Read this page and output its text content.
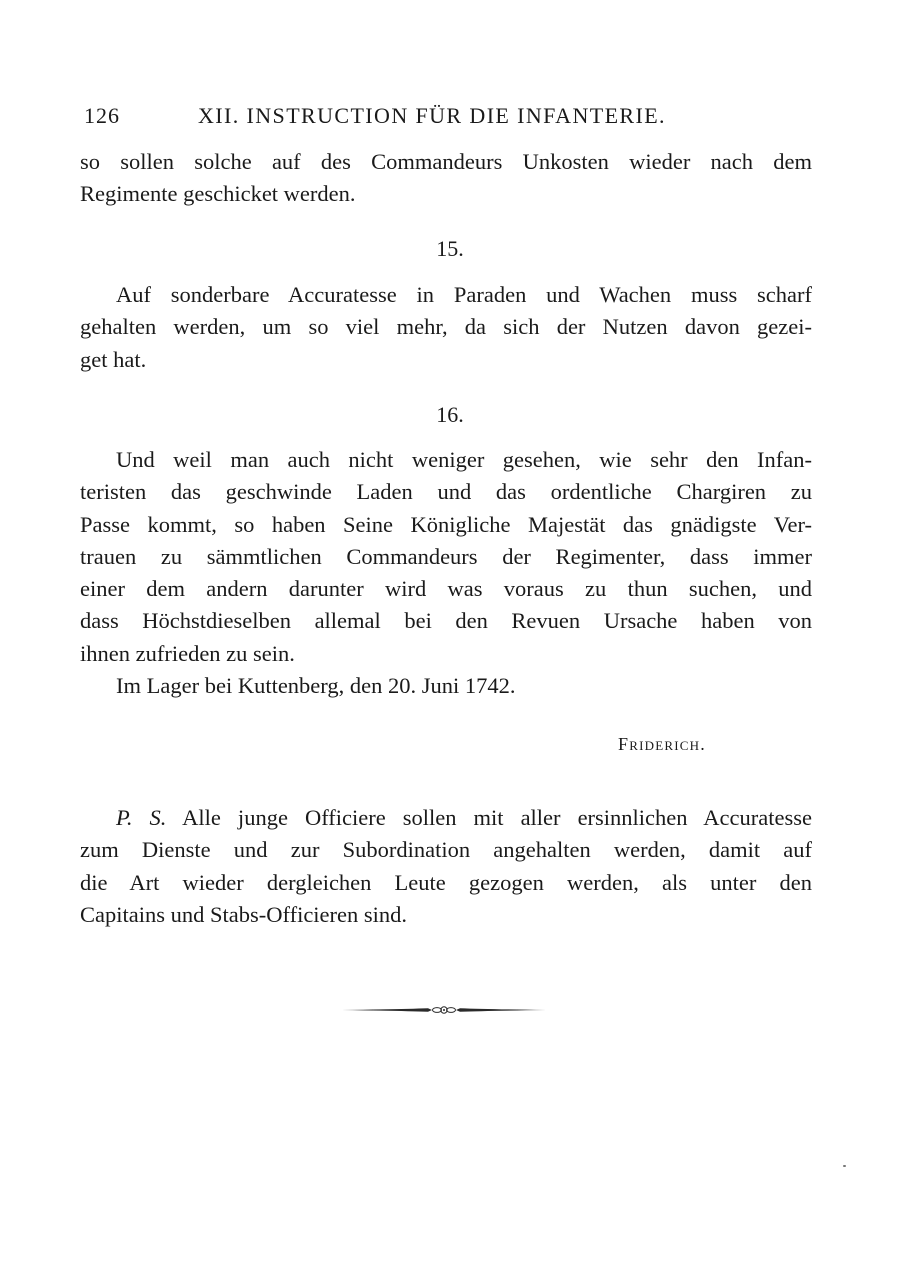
126	XII. INSTRUCTION FÜR DIE INFANTERIE.
so sollen solche auf des Commandeurs Unkosten wieder nach dem
Regimente geschicket werden.
15.
Auf sonderbare Accuratesse in Paraden und Wachen muss scharf
gehalten werden, um so viel mehr, da sich der Nutzen davon gezei-
get hat.
16.
Und weil man auch nicht weniger gesehen, wie sehr den Infan-
teristen das geschwinde Laden und das ordentliche Chargiren zu
Passe kommt, so haben Seine Königliche Majestät das gnädigste Ver-
trauen zu sämmtlichen Commandeurs der Regimenter, dass immer
einer dem andern darunter wird was voraus zu thun suchen, und
dass Höchstdieselben allemal bei den Revuen Ursache haben von
ihnen zufrieden zu sein.
Im Lager bei Kuttenberg, den 20. Juni 1742.
Friderich.
P. S. Alle junge Officiere sollen mit aller ersinnlichen Accuratesse
zum Dienste und zur Subordination angehalten werden, damit auf
die Art wieder dergleichen Leute gezogen werden, als unter den
Capitains und Stabs-Officieren sind.
